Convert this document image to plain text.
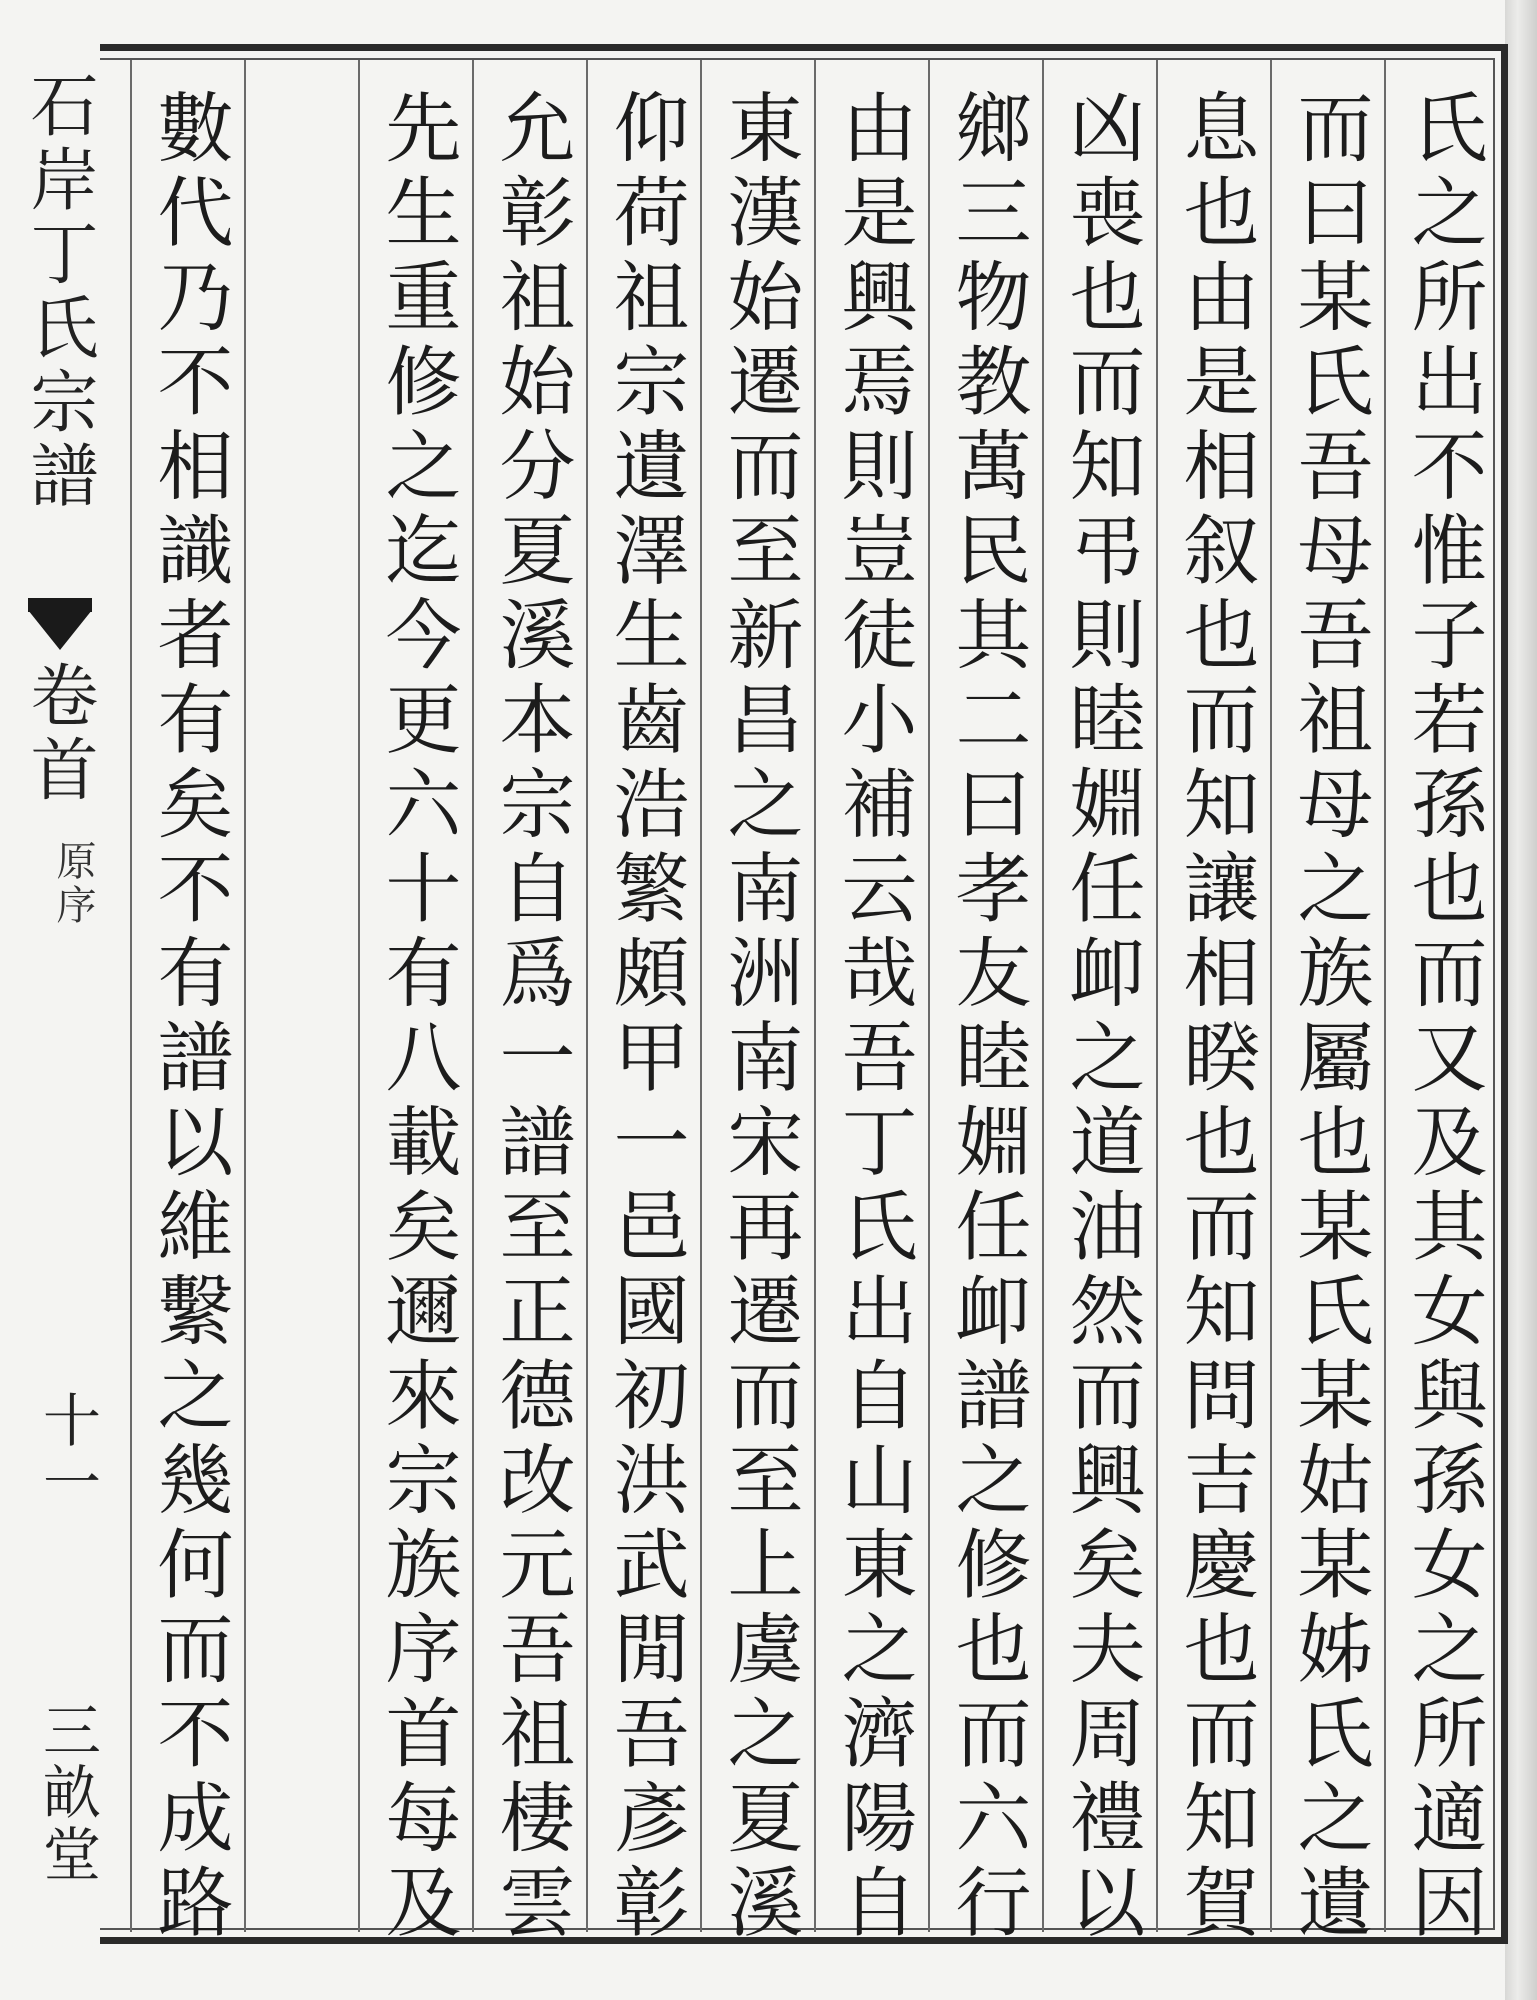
氏之所出不惟子若孫也而又及其女與孫女之所適因
而曰某氏吾母吾祖母之族屬也某氏某姑某姊氏之遺
息也由是相叙也而知讓相睽也而知問吉慶也而知賀
凶喪也而知弔則睦婣任卹之道油然而興矣夫周禮以
鄉三物教萬民其二曰孝友睦婣任卹譜之修也而六行
由是興焉則豈徒小補云哉吾丁氏出自山東之濟陽自
東漢始遷而至新昌之南洲南宋再遷而至上虞之夏溪
仰荷祖宗遺澤生齒浩繁頗甲一邑國初洪武閒吾彥彰
允彰祖始分夏溪本宗自爲一譜至正德改元吾祖棲雲
先生重修之迄今更六十有八載矣邇來宗族序首每及
數代乃不相識者有矣不有譜以維繫之幾何而不成路
石岸丁氏宗譜
卷首
原序
十一
三畝堂
